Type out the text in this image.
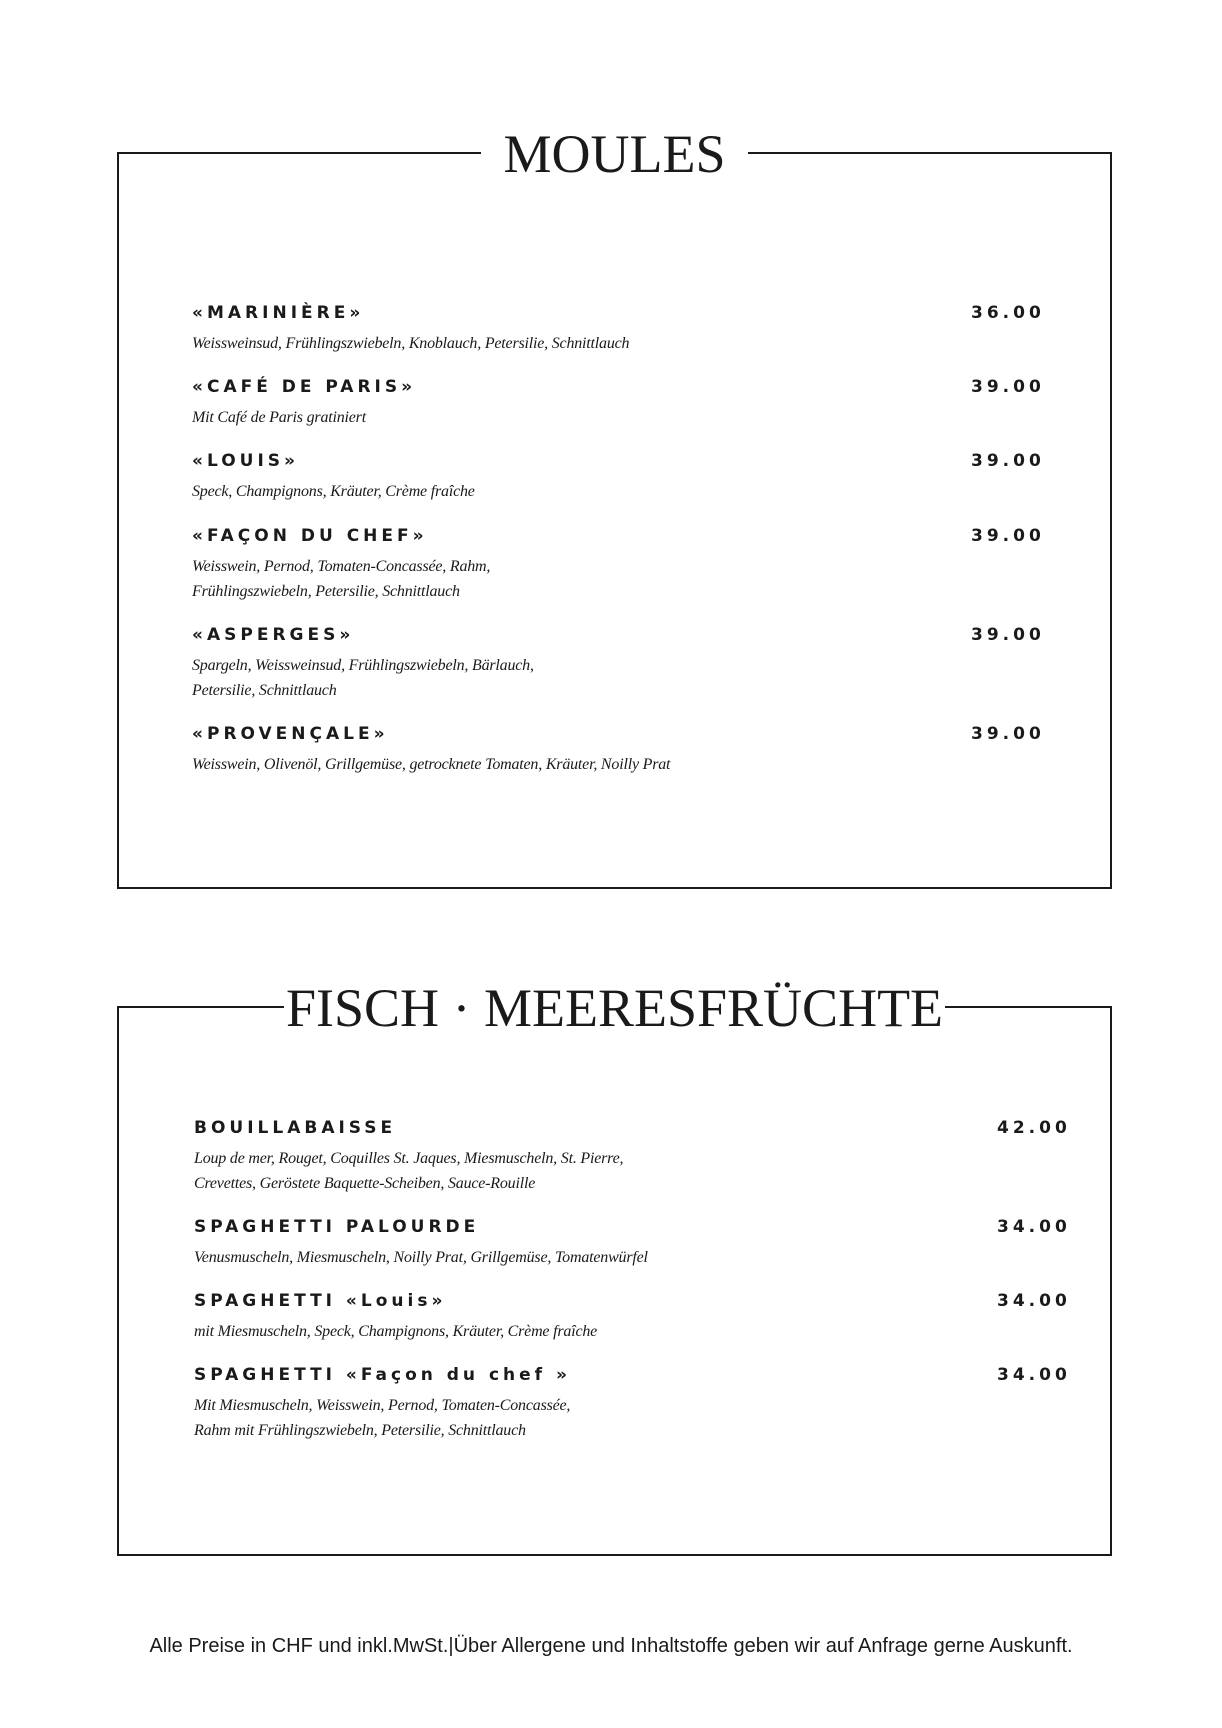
MOULES
«MARINIÈRE»	36.00
Weissweinsud, Frühlingszwiebeln, Knoblauch, Petersilie, Schnittlauch
«CAFÉ DE PARIS»	39.00
Mit Café de Paris gratiniert
«LOUIS»	39.00
Speck, Champignons, Kräuter, Crème fraîche
«FAÇON DU CHEF»	39.00
Weisswein, Pernod, Tomaten-Concassée, Rahm,
Frühlingszwiebeln, Petersilie, Schnittlauch
«ASPERGES»	39.00
Spargeln, Weissweinsud, Frühlingszwiebeln, Bärlauch,
Petersilie, Schnittlauch
«PROVENÇALE»	39.00
Weisswein, Olivenöl, Grillgemüse, getrocknete Tomaten, Kräuter, Noilly Prat
FISCH · MEERESFRÜCHTE
BOUILLABAISSE	42.00
Loup de mer, Rouget, Coquilles St. Jaques, Miesmuscheln, St. Pierre,
Crevettes, Geröstete Baquette-Scheiben, Sauce-Rouille
SPAGHETTI PALOURDE	34.00
Venusmuscheln, Miesmuscheln, Noilly Prat, Grillgemüse, Tomatenwürfel
SPAGHETTI «Louis»	34.00
mit Miesmuscheln, Speck, Champignons, Kräuter, Crème fraîche
SPAGHETTI «Façon du chef »	34.00
Mit Miesmuscheln, Weisswein, Pernod, Tomaten-Concassée,
Rahm mit Frühlingszwiebeln, Petersilie, Schnittlauch
Alle Preise in CHF und inkl.MwSt.|Über Allergene und Inhaltstoffe geben wir auf Anfrage gerne Auskunft.
